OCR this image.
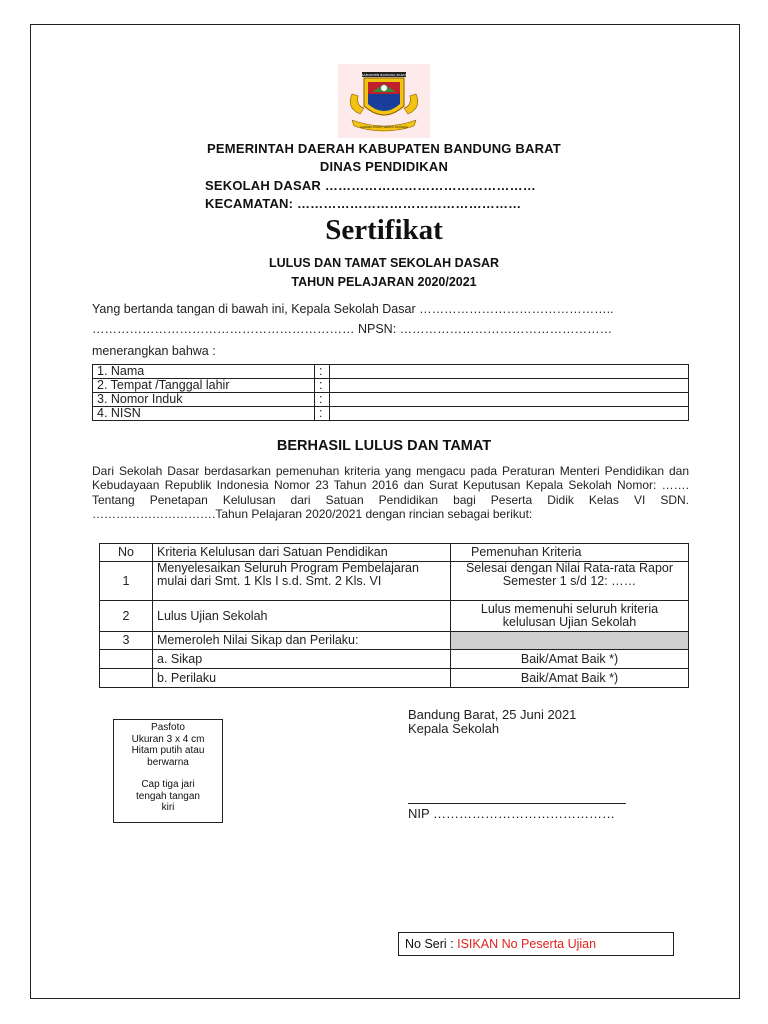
KABUPATEN BANDUNG BARAT
GAWIRA MUKTI WERTA KAHARJA
PEMERINTAH DAERAH KABUPATEN BANDUNG BARAT
DINAS PENDIDIKAN
SEKOLAH DASAR …………………………………………
KECAMATAN: ……………………………………………
Sertifikat
LULUS DAN TAMAT SEKOLAH DASAR
TAHUN PELAJARAN 2020/2021
Yang bertanda tangan di bawah ini, Kepala Sekolah Dasar ………………………………………..
……………………………………………………… NPSN: ……………………………………………
menerangkan bahwa :
1. Nama	:	
2. Tempat /Tanggal lahir	:	
3. Nomor Induk	:	
4. NISN	:	
BERHASIL LULUS DAN TAMAT
Dari Sekolah Dasar berdasarkan pemenuhan kriteria yang mengacu pada Peraturan Menteri Pendidikan dan Kebudayaan Republik Indonesia Nomor 23 Tahun 2016 dan Surat Keputusan Kepala Sekolah Nomor: ……. Tentang Penetapan Kelulusan dari Satuan Pendidikan bagi Peserta Didik Kelas VI SDN. ………………………….Tahun Pelajaran 2020/2021 dengan rincian sebagai berikut:
No	Kriteria Kelulusan dari Satuan Pendidikan	Pemenuhan Kriteria
1	Menyelesaikan Seluruh Program Pembelajaran mulai dari Smt. 1 Kls I s.d. Smt. 2 Kls. VI	Selesai dengan Nilai Rata-rata Rapor Semester 1 s/d 12: ……
2	Lulus Ujian Sekolah	Lulus memenuhi seluruh kriteria kelulusan Ujian Sekolah
3	Memeroleh Nilai Sikap dan Perilaku:	
	a. Sikap	Baik/Amat Baik *)
	b. Perilaku	Baik/Amat Baik *)
Pasfoto
Ukuran 3 x 4 cm
Hitam putih atau
berwarna
Cap tiga jari
tengah tangan
kiri
Bandung Barat, 25 Juni 2021
Kepala Sekolah
NIP ……………………………………
No Seri : ISIKAN No Peserta Ujian
